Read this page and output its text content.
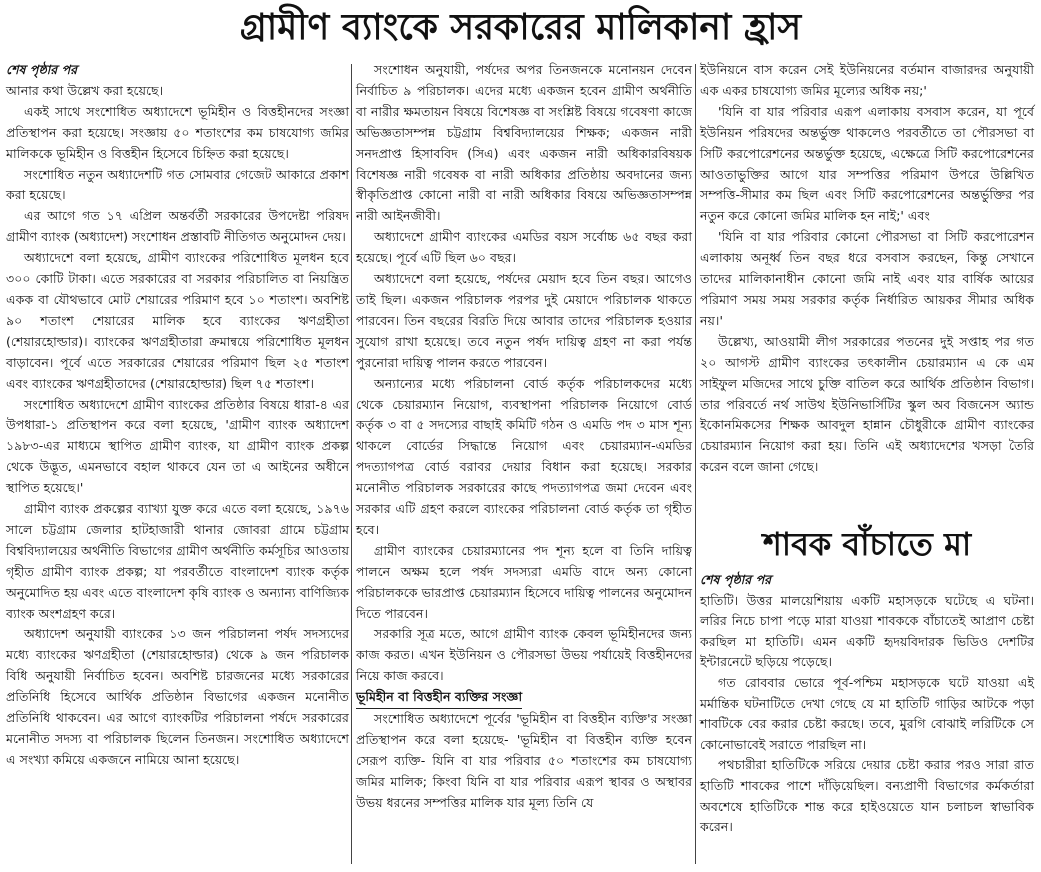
গ্রামীণ ব্যাংকে সরকারের মালিকানা হ্রাস

শেষ পৃষ্ঠার পর

আনার কথা উল্লেখ করা হয়েছে।

একই সাথে সংশোধিত অধ্যাদেশে ভূমিহীন ও বিত্তহীনদের সংজ্ঞা প্রতিস্থাপন করা হয়েছে। সংজ্ঞায় ৫০ শতাংশের কম চাষযোগ্য জমির মালিককে ভূমিহীন ও বিত্তহীন হিসেবে চিহ্নিত করা হয়েছে।

সংশোধিত নতুন অধ্যাদেশটি গত সোমবার গেজেট আকারে প্রকাশ করা হয়েছে।

এর আগে গত ১৭ এপ্রিল অন্তর্বর্তী সরকারের উপদেষ্টা পরিষদ গ্রামীণ ব্যাংক (অধ্যাদেশ) সংশোধন প্রস্তাবটি নীতিগত অনুমোদন দেয়।

অধ্যাদেশে বলা হয়েছে, গ্রামীণ ব্যাংকের পরিশোধিত মূলধন হবে ৩০০ কোটি টাকা। এতে সরকারের বা সরকার পরিচালিত বা নিয়ন্ত্রিত একক বা যৌথভাবে মোট শেয়ারের পরিমাণ হবে ১০ শতাংশ। অবশিষ্ট ৯০ শতাংশ শেয়ারের মালিক হবে ব্যাংকের ঋণগ্রহীতা (শেয়ারহোল্ডার)। ব্যাংকের ঋণগ্রহীতারা ক্রমান্বয়ে পরিশোধিত মূলধন বাড়াবেন। পূর্বে এতে সরকারের শেয়ারের পরিমাণ ছিল ২৫ শতাংশ এবং ব্যাংকের ঋণগ্রহীতাদের (শেয়ারহোল্ডার) ছিল ৭৫ শতাংশ।

সংশোধিত অধ্যাদেশে গ্রামীণ ব্যাংকের প্রতিষ্ঠার বিষয়ে ধারা-৪ এর উপধারা-১ প্রতিস্থাপন করে বলা হয়েছে, 'গ্রামীণ ব্যাংক অধ্যাদেশ ১৯৮৩-এর মাধ্যমে স্থাপিত গ্রামীণ ব্যাংক, যা গ্রামীণ ব্যাংক প্রকল্প থেকে উদ্ভূত, এমনভাবে বহাল থাকবে যেন তা এ আইনের অধীনে স্থাপিত হয়েছে।'

গ্রামীণ ব্যাংক প্রকল্পের ব্যাখ্যা যুক্ত করে এতে বলা হয়েছে, ১৯৭৬ সালে চট্টগ্রাম জেলার হাটহাজারী থানার জোবরা গ্রামে চট্টগ্রাম বিশ্ববিদ্যালয়ের অর্থনীতি বিভাগের গ্রামীণ অর্থনীতি কর্মসূচির আওতায় গৃহীত গ্রামীণ ব্যাংক প্রকল্প; যা পরবর্তীতে বাংলাদেশ ব্যাংক কর্তৃক অনুমোদিত হয় এবং এতে বাংলাদেশ কৃষি ব্যাংক ও অন্যান্য বাণিজ্যিক ব্যাংক অংশগ্রহণ করে।

অধ্যাদেশ অনুযায়ী ব্যাংকের ১৩ জন পরিচালনা পর্ষদ সদস্যদের মধ্যে ব্যাংকের ঋণগ্রহীতা (শেয়ারহোল্ডার) থেকে ৯ জন পরিচালক বিধি অনুযায়ী নির্বাচিত হবেন। অবশিষ্ট চারজনের মধ্যে সরকারের প্রতিনিধি হিসেবে আর্থিক প্রতিষ্ঠান বিভাগের একজন মনোনীত প্রতিনিধি থাকবেন। এর আগে ব্যাংকটির পরিচালনা পর্ষদে সরকারের মনোনীত সদস্য বা পরিচালক ছিলেন তিনজন। সংশোধিত অধ্যাদেশে এ সংখ্যা কমিয়ে একজনে নামিয়ে আনা হয়েছে।

সংশোধন অনুযায়ী, পর্ষদের অপর তিনজনকে মনোনয়ন দেবেন নির্বাচিত ৯ পরিচালক। এদের মধ্যে একজন হবেন গ্রামীণ অর্থনীতি বা নারীর ক্ষমতায়ন বিষয়ে বিশেষজ্ঞ বা সংশ্লিষ্ট বিষয়ে গবেষণা কাজে অভিজ্ঞতাসম্পন্ন চট্টগ্রাম বিশ্ববিদ্যালয়ের শিক্ষক; একজন নারী সনদপ্রাপ্ত হিসাববিদ (সিএ) এবং একজন নারী অধিকারবিষয়ক বিশেষজ্ঞ নারী গবেষক বা নারী অধিকার প্রতিষ্ঠায় অবদানের জন্য স্বীকৃতিপ্রাপ্ত কোনো নারী বা নারী অধিকার বিষয়ে অভিজ্ঞতাসম্পন্ন নারী আইনজীবী।

অধ্যাদেশে গ্রামীণ ব্যাংকের এমডির বয়স সর্বোচ্চ ৬৫ বছর করা হয়েছে। পূর্বে এটি ছিল ৬০ বছর।

অধ্যাদেশে বলা হয়েছে, পর্ষদের মেয়াদ হবে তিন বছর। আগেও তাই ছিল। একজন পরিচালক পরপর দুই মেয়াদে পরিচালক থাকতে পারবেন। তিন বছরের বিরতি দিয়ে আবার তাদের পরিচালক হওয়ার সুযোগ রাখা হয়েছে। তবে নতুন পর্ষদ দায়িত্ব গ্রহণ না করা পর্যন্ত পুরনোরা দায়িত্ব পালন করতে পারবেন।

অন্যান্যের মধ্যে পরিচালনা বোর্ড কর্তৃক পরিচালকদের মধ্যে থেকে চেয়ারম্যান নিয়োগ, ব্যবস্থাপনা পরিচালক নিয়োগে বোর্ড কর্তৃক ৩ বা ৫ সদস্যের বাছাই কমিটি গঠন ও এমডি পদ ৩ মাস শূন্য থাকলে বোর্ডের সিদ্ধান্তে নিয়োগ এবং চেয়ারম্যান-এমডির পদত্যাগপত্র বোর্ড বরাবর দেয়ার বিধান করা হয়েছে। সরকার মনোনীত পরিচালক সরকারের কাছে পদত্যাগপত্র জমা দেবেন এবং সরকার এটি গ্রহণ করলে ব্যাংকের পরিচালনা বোর্ড কর্তৃক তা গৃহীত হবে।

গ্রামীণ ব্যাংকের চেয়ারম্যানের পদ শূন্য হলে বা তিনি দায়িত্ব পালনে অক্ষম হলে পর্ষদ সদস্যরা এমডি বাদে অন্য কোনো পরিচালককে ভারপ্রাপ্ত চেয়ারম্যান হিসেবে দায়িত্ব পালনের অনুমোদন দিতে পারবেন।

সরকারি সূত্র মতে, আগে গ্রামীণ ব্যাংক কেবল ভূমিহীনদের জন্য কাজ করত। এখন ইউনিয়ন ও পৌরসভা উভয় পর্যায়েই বিত্তহীনদের নিয়ে কাজ করবে।

ভূমিহীন বা বিত্তহীন ব্যক্তির সংজ্ঞা

সংশোধিত অধ্যাদেশে পূর্বের 'ভূমিহীন বা বিত্তহীন ব্যক্তি'র সংজ্ঞা প্রতিস্থাপন করে বলা হয়েছে- 'ভূমিহীন বা বিত্তহীন ব্যক্তি হবেন সেরূপ ব্যক্তি- যিনি বা যার পরিবার ৫০ শতাংশের কম চাষযোগ্য জমির মালিক; কিংবা যিনি বা যার পরিবার এরূপ স্থাবর ও অস্থাবর উভয় ধরনের সম্পত্তির মালিক যার মূল্য তিনি যে

ইউনিয়নে বাস করেন সেই ইউনিয়নের বর্তমান বাজারদর অনুযায়ী এক একর চাষযোগ্য জমির মূল্যের অধিক নয়;'

'যিনি বা যার পরিবার এরূপ এলাকায় বসবাস করেন, যা পূর্বে ইউনিয়ন পরিষদের অন্তর্ভুক্ত থাকলেও পরবর্তীতে তা পৌরসভা বা সিটি করপোরেশনের অন্তর্ভুক্ত হয়েছে, এক্ষেত্রে সিটি করপোরেশনের আওতাভুক্তির আগে যার সম্পত্তির পরিমাণ উপরে উল্লিখিত সম্পত্তি-সীমার কম ছিল এবং সিটি করপোরেশনের অন্তর্ভুক্তির পর নতুন করে কোনো জমির মালিক হন নাই;' এবং

'যিনি বা যার পরিবার কোনো পৌরসভা বা সিটি করপোরেশন এলাকায় অনূর্ধ্ব তিন বছর ধরে বসবাস করছেন, কিন্তু সেখানে তাদের মালিকানাধীন কোনো জমি নাই এবং যার বার্ষিক আয়ের পরিমাণ সময় সময় সরকার কর্তৃক নির্ধারিত আয়কর সীমার অধিক নয়।'

উল্লেখ্য, আওয়ামী লীগ সরকারের পতনের দুই সপ্তাহ পর গত ২০ আগস্ট গ্রামীণ ব্যাংকের তৎকালীন চেয়ারম্যান এ কে এম সাইফুল মজিদের সাথে চুক্তি বাতিল করে আর্থিক প্রতিষ্ঠান বিভাগ। তার পরিবর্তে নর্থ সাউথ ইউনিভার্সিটির স্কুল অব বিজনেস অ্যান্ড ইকোনমিকসের শিক্ষক আবদুল হান্নান চৌধুরীকে গ্রামীণ ব্যাংকের চেয়ারম্যান নিয়োগ করা হয়। তিনি এই অধ্যাদেশের খসড়া তৈরি করেন বলে জানা গেছে।

শাবক বাঁচাতে মা

শেষ পৃষ্ঠার পর

হাতিটি। উত্তর মালয়েশিয়ায় একটি মহাসড়কে ঘটেছে এ ঘটনা। লরির নিচে চাপা পড়ে মারা যাওয়া শাবককে বাঁচাতেই আপ্রাণ চেষ্টা করছিল মা হাতিটি। এমন একটি হৃদয়বিদারক ভিডিও দেশটির ইন্টারনেটে ছড়িয়ে পড়েছে।

গত রোববার ভোরে পূর্ব-পশ্চিম মহাসড়কে ঘটে যাওয়া এই মর্মান্তিক ঘটনাটিতে দেখা গেছে যে মা হাতিটি গাড়ির আটকে পড়া শাবটিকে বের করার চেষ্টা করছে। তবে, মুরগি বোঝাই লরিটিকে সে কোনোভাবেই সরাতে পারছিল না।

পথচারীরা হাতিটিকে সরিয়ে দেয়ার চেষ্টা করার পরও সারা রাত হাতিটি শাবকের পাশে দাঁড়িয়েছিল। বন্যপ্রাণী বিভাগের কর্মকর্তারা অবশেষে হাতিটিকে শান্ত করে হাইওয়েতে যান চলাচল স্বাভাবিক করেন।
